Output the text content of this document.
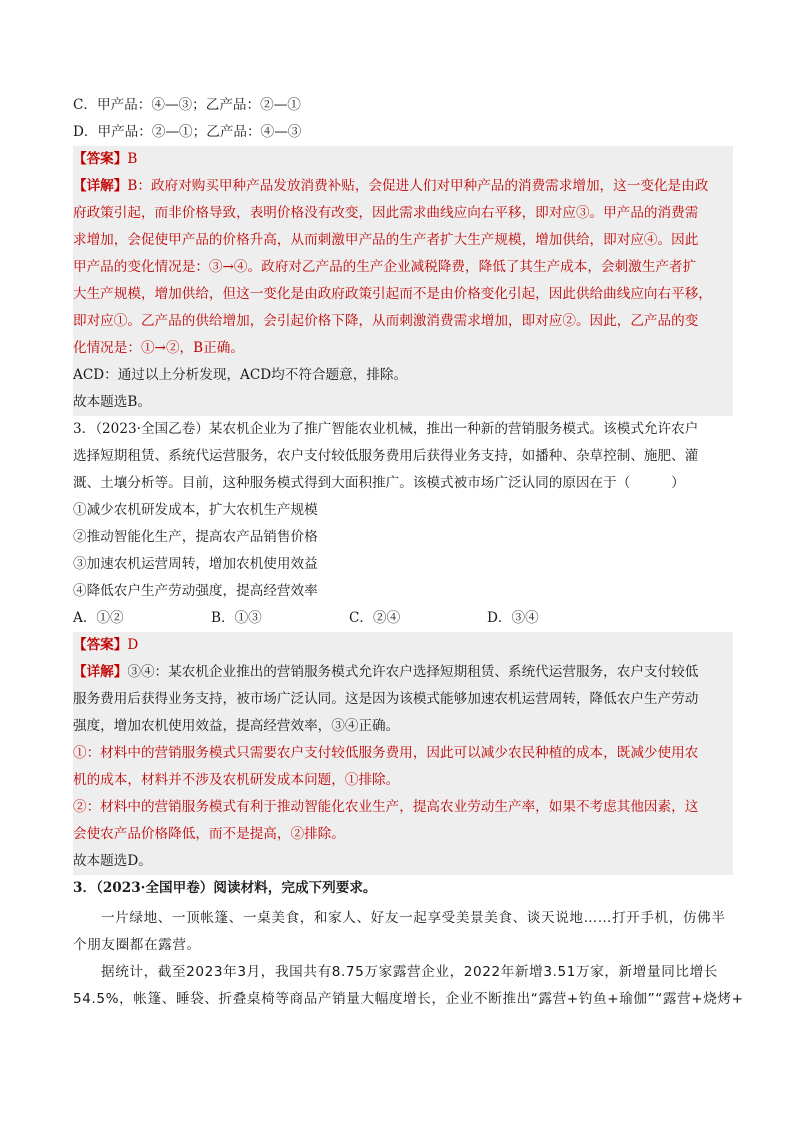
C．甲产品：④—③；乙产品：②—①
D．甲产品：②—①；乙产品：④—③
【答案】B
【详解】B：政府对购买甲种产品发放消费补贴，会促进人们对甲种产品的消费需求增加，这一变化是由政
府政策引起，而非价格导致，表明价格没有改变，因此需求曲线应向右平移，即对应③。甲产品的消费需
求增加，会促使甲产品的价格升高，从而刺激甲产品的生产者扩大生产规模，增加供给，即对应④。因此
甲产品的变化情况是：③→④。政府对乙产品的生产企业减税降费，降低了其生产成本，会刺激生产者扩
大生产规模，增加供给，但这一变化是由政府政策引起而不是由价格变化引起，因此供给曲线应向右平移，
即对应①。乙产品的供给增加，会引起价格下降，从而刺激消费需求增加，即对应②。因此，乙产品的变
化情况是：①→②，B正确。
ACD：通过以上分析发现，ACD均不符合题意，排除。
故本题选B。
3．（2023·全国乙卷）某农机企业为了推广智能农业机械，推出一种新的营销服务模式。该模式允许农户
选择短期租赁、系统代运营服务，农户支付较低服务费用后获得业务支持，如播种、杂草控制、施肥、灌
溉、土壤分析等。目前，这种服务模式得到大面积推广。该模式被市场广泛认同的原因在于（　　　）
①减少农机研发成本，扩大农机生产规模
②推动智能化生产，提高农产品销售价格
③加速农机运营周转，增加农机使用效益
④降低农户生产劳动强度，提高经营效率
A．①②	B．①③	C．②④	D．③④
【答案】D
【详解】③④：某农机企业推出的营销服务模式允许农户选择短期租赁、系统代运营服务，农户支付较低
服务费用后获得业务支持，被市场广泛认同。这是因为该模式能够加速农机运营周转，降低农户生产劳动
强度，增加农机使用效益，提高经营效率，③④正确。
①：材料中的营销服务模式只需要农户支付较低服务费用，因此可以减少农民种植的成本，既减少使用农
机的成本，材料并不涉及农机研发成本问题，①排除。
②：材料中的营销服务模式有利于推动智能化农业生产，提高农业劳动生产率，如果不考虑其他因素，这
会使农产品价格降低，而不是提高，②排除。
故本题选D。
3．（2023·全国甲卷）阅读材料，完成下列要求。
一片绿地、一顶帐篷、一桌美食，和家人、好友一起享受美景美食、谈天说地……打开手机，仿佛半
个朋友圈都在露营。
据统计，截至2023年3月，我国共有8.75万家露营企业，2022年新增3.51万家，新增量同比增长
54.5%，帐篷、睡袋、折叠桌椅等商品产销量大幅度增长，企业不断推出“露营+钓鱼+瑜伽”“露营+烧烤+
